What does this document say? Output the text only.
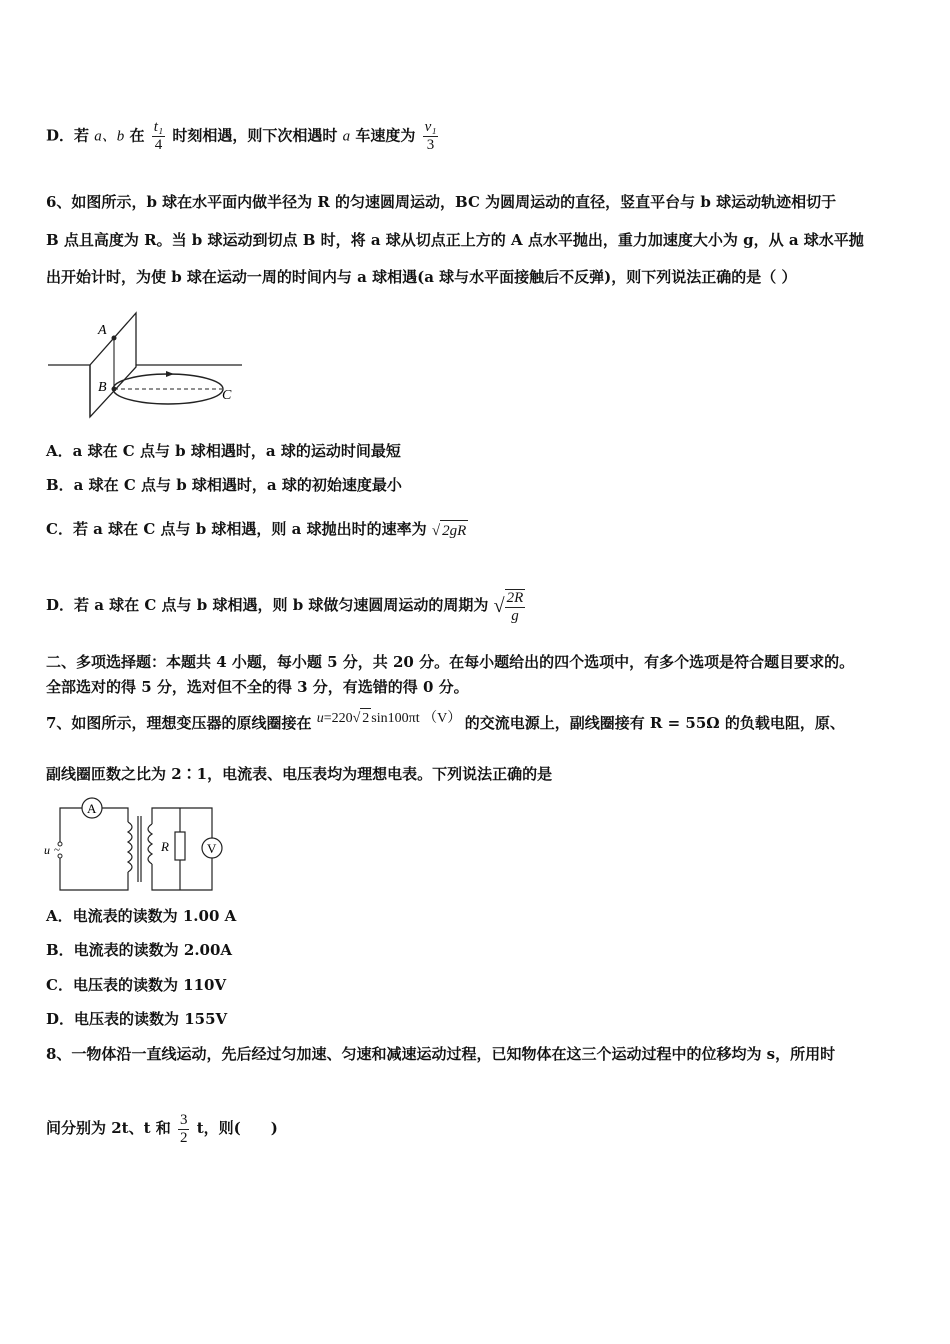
D．若 a、b 在 $\frac{\text{t₁}}{4}$ 时刻相遇，则下次相遇时 a 车速度为 $\frac{\text{v₁}}{3}$
6、如图所示，b 球在水平面内做半径为 R 的匀速圆周运动，BC 为圆周运动的直径，竖直平台与 b 球运动轨迹相切于
B 点且高度为 R。当 b 球运动到切点 B 时，将 a 球从切点正上方的 A 点水平抛出，重力加速度大小为 g，从 a 球水平抛
出开始计时，为使 b 球在运动一周的时间内与 a 球相遇(a 球与水平面接触后不反弹)，则下列说法正确的是（ ）
A
B
C
A．a 球在 C 点与 b 球相遇时，a 球的运动时间最短
B．a 球在 C 点与 b 球相遇时，a 球的初始速度最小
C．若 a 球在 C 点与 b 球相遇，则 a 球抛出时的速率为 √ 2gR
D．若 a 球在 C 点与 b 球相遇，则 b 球做匀速圆周运动的周期为 √ $\frac{2R}{g}$
二、多项选择题：本题共 4 小题，每小题 5 分，共 20 分。在每小题给出的四个选项中，有多个选项是符合题目要求的。
全部选对的得 5 分，选对但不全的得 3 分，有选错的得 0 分。
7、如图所示，理想变压器的原线圈接在 u=220√ 2 sin100πt （V） 的交流电源上，副线圈接有 R = 55Ω 的负载电阻，原、
副线圈匝数之比为 2∶1，电流表、电压表均为理想电表。下列说法正确的是
A
u ~	R	V
A．电流表的读数为 1.00 A
B．电流表的读数为 2.00A
C．电压表的读数为 110V
D．电压表的读数为 155V
8、一物体沿一直线运动，先后经过匀加速、匀速和减速运动过程，已知物体在这三个运动过程中的位移均为 s，所用时
间分别为 2t、t 和 $\frac{3}{2}$ t，则(　　)
